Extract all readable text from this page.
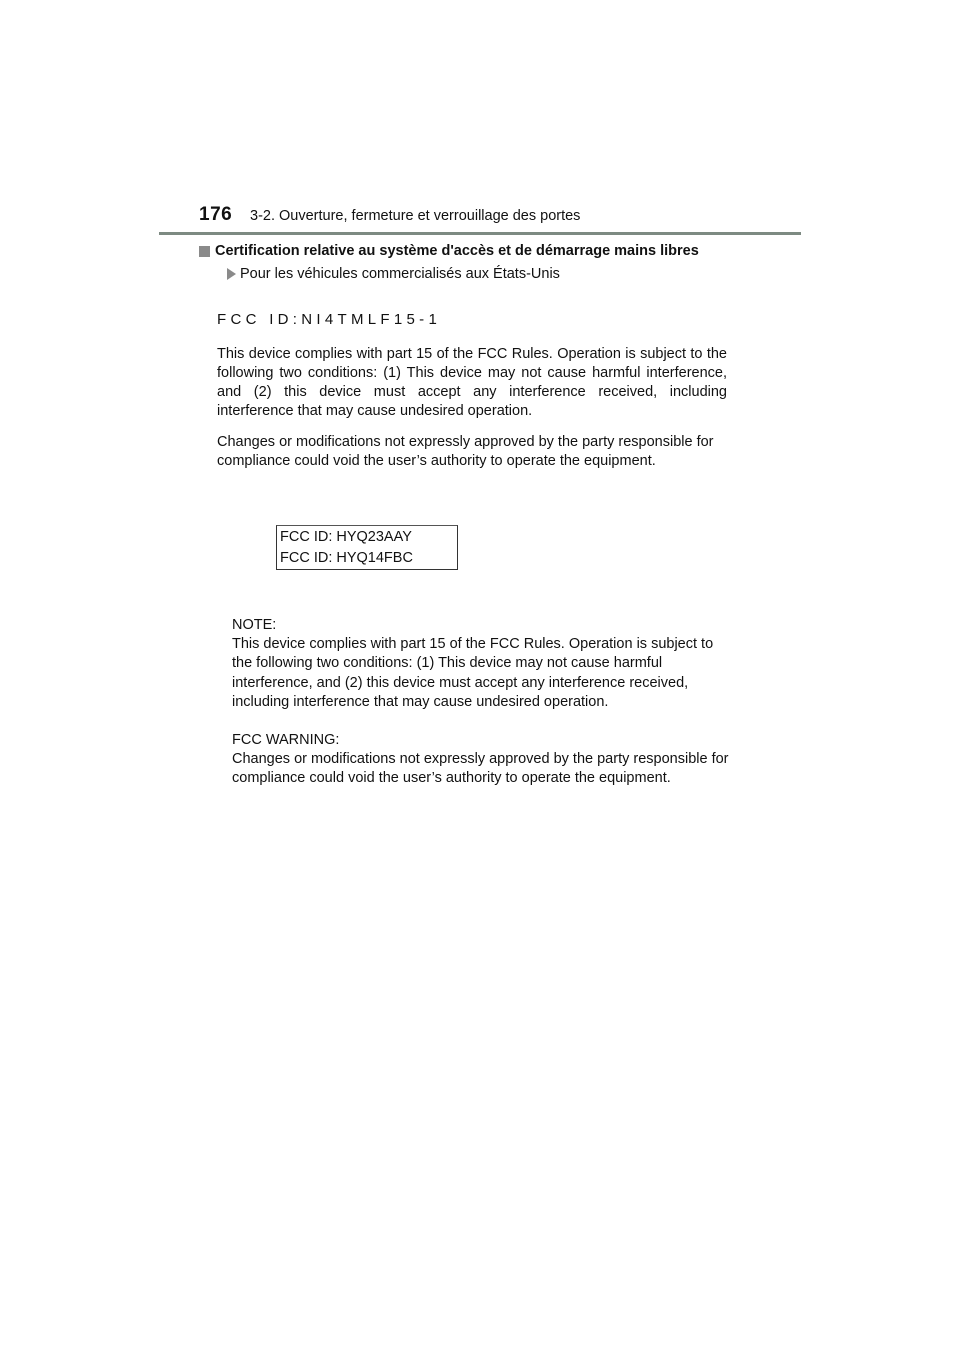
176 3-2. Ouverture, fermeture et verrouillage des portes
Certification relative au système d'accès et de démarrage mains libres
Pour les véhicules commercialisés aux États-Unis
FCC ID:NI4TMLF15-1

This device complies with part 15 of the FCC Rules. Operation is subject to the following two conditions: (1) This device may not cause harmful interference, and (2) this device must accept any interference received, including interference that may cause undesired operation.

Changes or modifications not expressly approved by the party responsible for compliance could void the user’s authority to operate the equipment.

FCC ID: HYQ23AAY
FCC ID: HYQ14FBC

NOTE:

This device complies with part 15 of the FCC Rules. Operation is subject to the following two conditions: (1) This device may not cause harmful interference, and (2) this device must accept any interference received, including interference that may cause undesired operation.

FCC WARNING:

Changes or modifications not expressly approved by the party responsible for compliance could void the user’s authority to operate the equipment.
